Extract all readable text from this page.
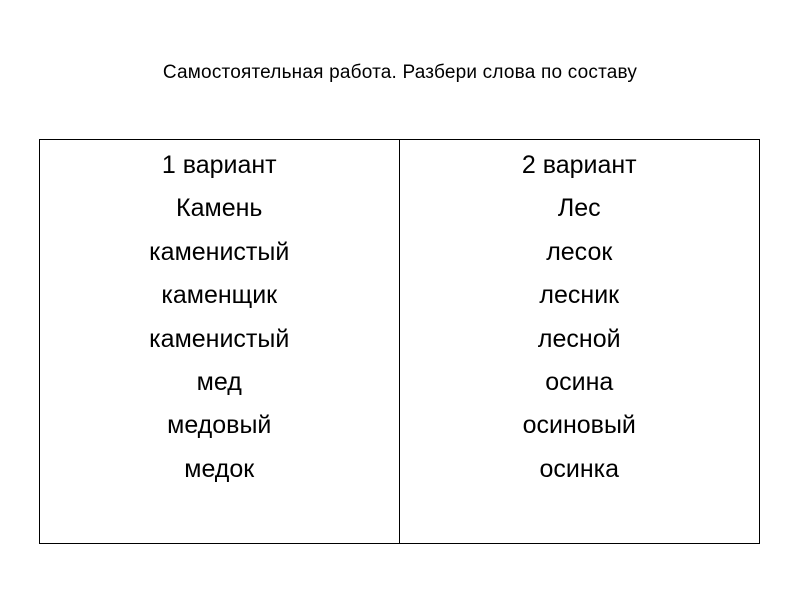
Самостоятельная работа. Разбери слова по составу
1 вариант
Камень
каменистый
каменщик
каменистый
мед
медовый
медок
2 вариант
Лес
лесок
лесник
лесной
осина
осиновый
осинка
